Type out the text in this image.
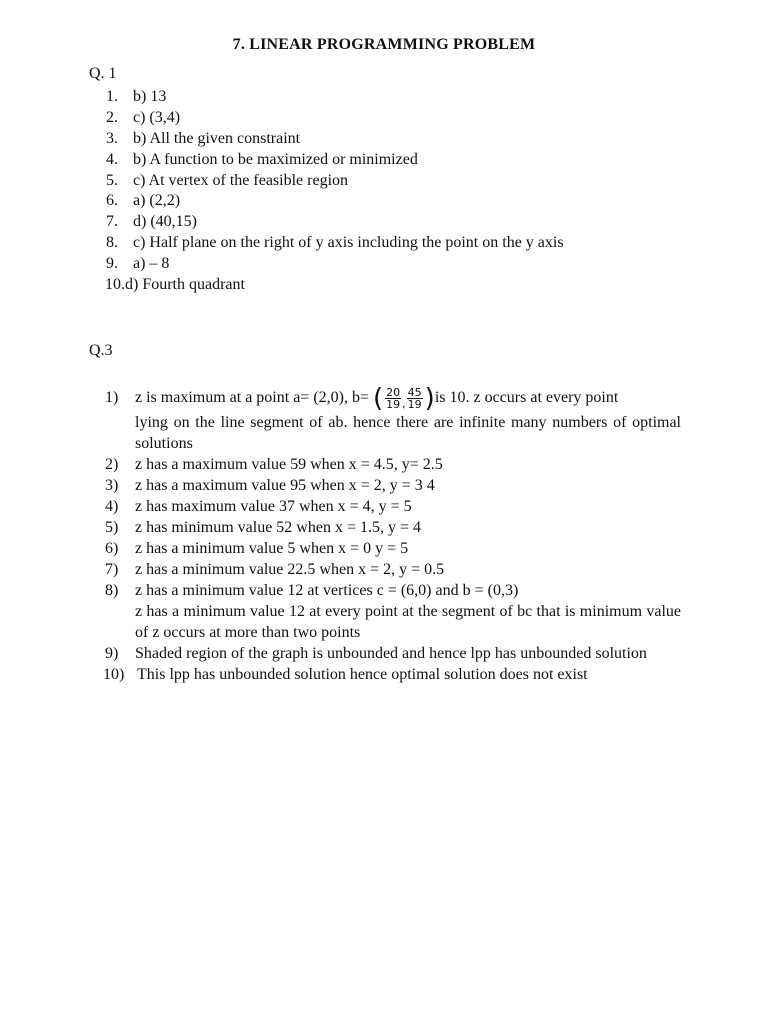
7. LINEAR PROGRAMMING PROBLEM
Q. 1
1. b) 13
2. c) (3,4)
3. b) All the given constraint
4. b) A function to be maximized or minimized
5. c) At vertex of the feasible region
6. a) (2,2)
7. d) (40,15)
8. c) Half plane on the right of y axis including the point on the y axis
9. a) – 8
10.d) Fourth quadrant
Q.3
1)	z is maximum at a point a= (2,0), b= ( $\frac{20}{19}$ , $\frac{45}{19} )is$ 10. z occurs at every point
lying on the line segment of ab. hence there are infinite many numbers of optimal solutions
2)	z has a maximum value 59 when x = 4.5, y= 2.5
3)	z has a maximum value 95 when x = 2, y = 3 4
4)	z has maximum value 37 when x = 4, y = 5
5)	z has minimum value 52 when x = 1.5, y = 4
6)	z has a minimum value 5 when x = 0 y = 5
7)	z has a minimum value 22.5 when x = 2, y = 0.5
8)	z has a minimum value 12 at vertices c = (6,0) and b = (0,3)
z has a minimum value 12 at every point at the segment of bc that is minimum value of z occurs at more than two points
9)	Shaded region of the graph is unbounded and hence lpp has unbounded solution
10) This lpp has unbounded solution hence optimal solution does not exist
